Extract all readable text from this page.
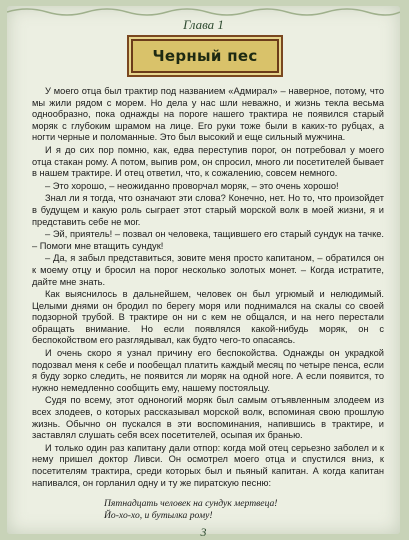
Глава 1
Черный пес

У моего отца был трактир под названием «Адмирал» – наверное, потому, что мы жили рядом с морем. Но дела у нас шли неважно, и жизнь текла весьма однообразно, пока однажды на пороге нашего трактира не появился старый моряк с глубоким шрамом на лице. Его руки тоже были в каких-то рубцах, а ногти черные и поломанные. Это был высокий и еще сильный мужчина.

И я до сих пор помню, как, едва переступив порог, он потребовал у моего отца стакан рому. А потом, выпив ром, он спросил, много ли посетителей бывает в нашем трактире. И отец ответил, что, к сожалению, совсем немного.

– Это хорошо, – неожиданно проворчал моряк, – это очень хорошо!

Знал ли я тогда, что означают эти слова? Конечно, нет. Но то, что произойдет в будущем и какую роль сыграет этот старый морской волк в моей жизни, я и представить себе не мог.

– Эй, приятель! – позвал он человека, тащившего его старый сундук на тачке. – Помоги мне втащить сундук!

– Да, я забыл представиться, зовите меня просто капитаном, – обратился он к моему отцу и бросил на порог несколько золотых монет. – Когда истратите, дайте мне знать.

Как выяснилось в дальнейшем, человек он был угрюмый и нелюдимый. Целыми днями он бродил по берегу моря или поднимался на скалы со своей подзорной трубой. В трактире он ни с кем не общался, и на него перестали обращать внимание. Но если появлялся какой-нибудь моряк, он с беспокойством его разглядывал, как будто чего-то опасаясь.

И очень скоро я узнал причину его беспокойства. Однажды он украдкой подозвал меня к себе и пообещал платить каждый месяц по четыре пенса, если я буду зорко следить, не появится ли моряк на одной ноге. А если появится, то нужно немедленно сообщить ему, нашему постояльцу.

Судя по всему, этот одноногий моряк был самым отъявленным злодеем из всех злодеев, о которых рассказывал морской волк, вспоминая свою прошлую жизнь. Обычно он пускался в эти воспоминания, напившись в трактире, и заставлял слушать себя всех посетителей, осыпая их бранью.

И только один раз капитану дали отпор: когда мой отец серьезно заболел и к нему пришел доктор Ливси. Он осмотрел моего отца и спустился вниз, к посетителям трактира, среди которых был и пьяный капитан. А когда капитан напивался, он горланил одну и ту же пиратскую песню:

Пятнадцать человек на сундук мертвеца!
Йо-хо-хо, и бутылка рому!
3
